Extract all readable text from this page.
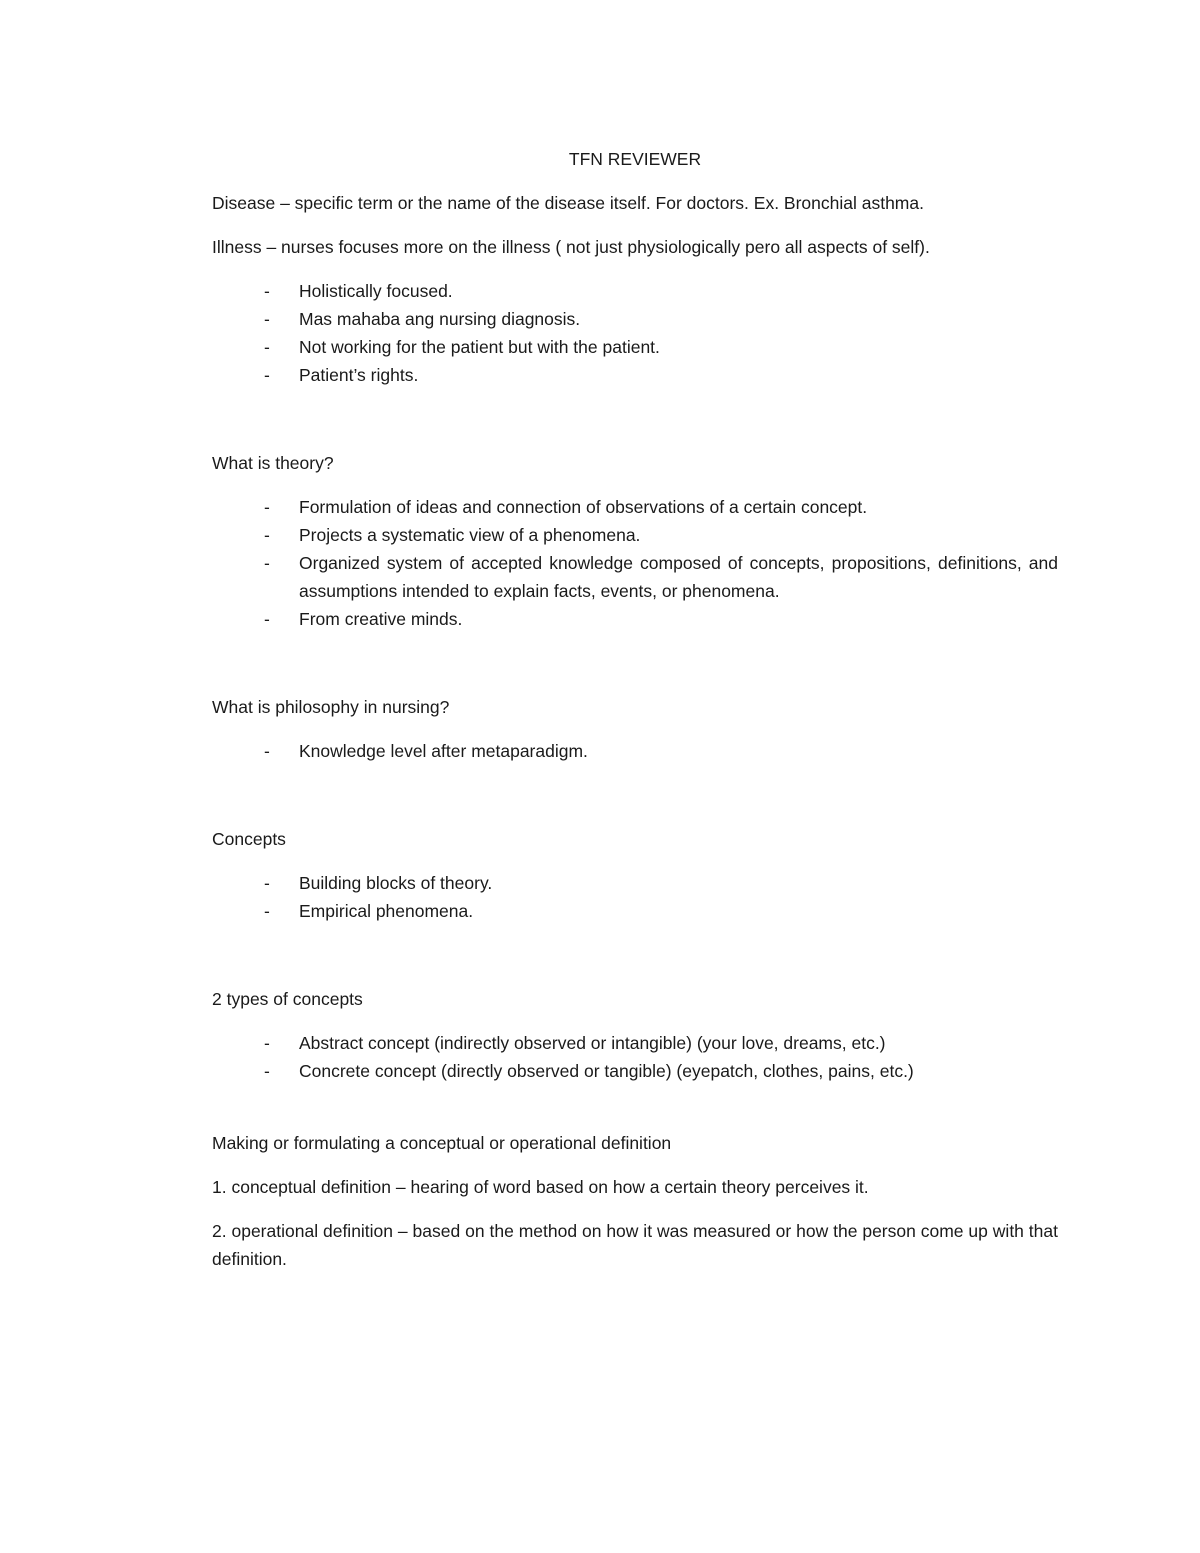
TFN REVIEWER
Disease – specific term or the name of the disease itself. For doctors. Ex. Bronchial asthma.
Illness – nurses focuses more on the illness ( not just physiologically pero all aspects of self).
- Holistically focused.
- Mas mahaba ang nursing diagnosis.
- Not working for the patient but with the patient.
- Patient’s rights.
What is theory?
- Formulation of ideas and connection of observations of a certain concept.
- Projects a systematic view of a phenomena.
- Organized system of accepted knowledge composed of concepts, propositions, definitions, and assumptions intended to explain facts, events, or phenomena.
- From creative minds.
What is philosophy in nursing?
- Knowledge level after metaparadigm.
Concepts
- Building blocks of theory.
- Empirical phenomena.
2 types of concepts
- Abstract concept (indirectly observed or intangible) (your love, dreams, etc.)
- Concrete concept (directly observed or tangible) (eyepatch, clothes, pains, etc.)
Making or formulating a conceptual or operational definition
1. conceptual definition – hearing of word based on how a certain theory perceives it.
2. operational definition – based on the method on how it was measured or how the person come up with that definition.
